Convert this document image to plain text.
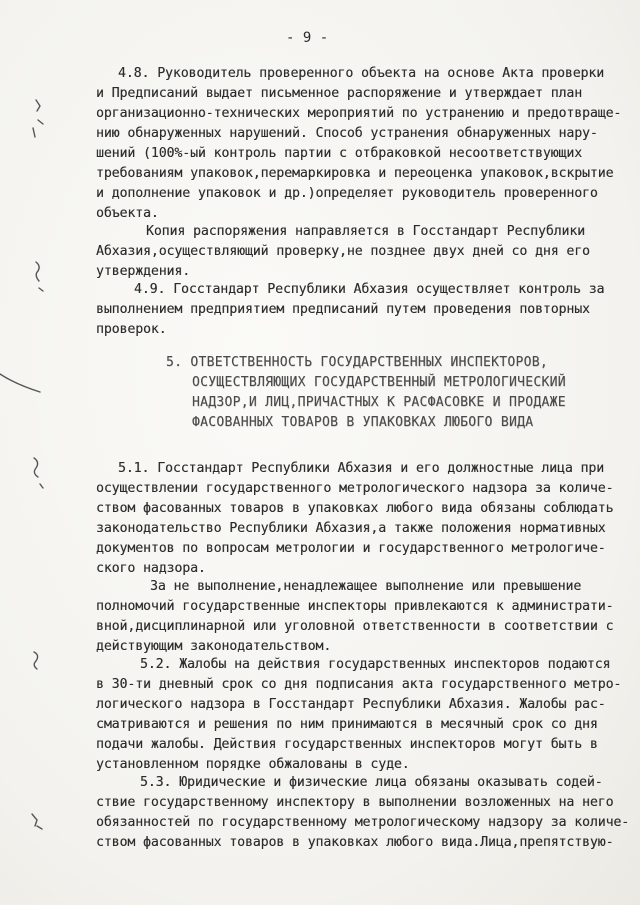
- 9 -
4.8. Руководитель проверенного объекта на основе Акта проверки
и Предписаний выдает письменное распоряжение и утверждает план
организационно-технических мероприятий по устранению и предотвраще-
нию обнаруженных нарушений. Способ устранения обнаруженных нару-
шений (100%-ый контроль партии с отбраковкой несоответствующих
требованиям упаковок,перемаркировка и переоценка упаковок,вскрытие
и дополнение упаковок и др.)определяет руководитель проверенного
объекта.
Копия распоряжения направляется в Госстандарт Республики
Абхазия,осуществляющий проверку,не позднее двух дней со дня его
утверждения.
4.9. Госстандарт Республики Абхазия осуществляет контроль за
выполнением предприятием предписаний путем проведения повторных
проверок.
5. ОТВЕТСТВЕННОСТЬ ГОСУДАРСТВЕННЫХ ИНСПЕКТОРОВ,
ОСУЩЕСТВЛЯЮЩИХ ГОСУДАРСТВЕННЫЙ МЕТРОЛОГИЧЕСКИЙ
НАДЗОР,И ЛИЦ,ПРИЧАСТНЫХ К РАСФАСОВКЕ И ПРОДАЖЕ
ФАСОВАННЫХ ТОВАРОВ В УПАКОВКАХ ЛЮБОГО ВИДА
5.1. Госстандарт Республики Абхазия и его должностные лица при
осуществлении государственного метрологического надзора за количе-
ством фасованных товаров в упаковках любого вида обязаны соблюдать
законодательство Республики Абхазия,а также положения нормативных
документов по вопросам метрологии и государственного метрологиче-
ского надзора.
За не выполнение,ненадлежащее выполнение или превышение
полномочий государственные инспекторы привлекаются к администрати-
вной,дисциплинарной или уголовной ответственности в соответствии с
действующим законодательством.
5.2. Жалобы на действия государственных инспекторов подаются
в 30-ти дневный срок со дня подписания акта государственного метро-
логического надзора в Госстандарт Республики Абхазия. Жалобы рас-
сматриваются и решения по ним принимаются в месячный срок со дня
подачи жалобы. Действия государственных инспекторов могут быть в
установленном порядке обжалованы в суде.
5.3. Юридические и физические лица обязаны оказывать содей-
ствие государственному инспектору в выполнении возложенных на него
обязанностей по государственному метрологическому надзору за количе-
ством фасованных товаров в упаковках любого вида.Лица,препятствую-
